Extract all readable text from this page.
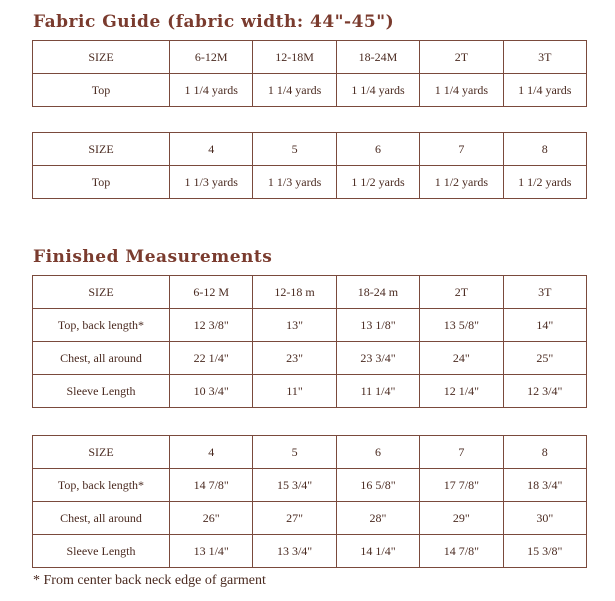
Fabric Guide (fabric width: 44"-45")
SIZE	6-12M	12-18M	18-24M	2T	3T
Top	1 1/4 yards	1 1/4 yards	1 1/4 yards	1 1/4 yards	1 1/4 yards
SIZE	4	5	6	7	8
Top	1 1/3 yards	1 1/3 yards	1 1/2 yards	1 1/2 yards	1 1/2 yards
Finished Measurements
SIZE	6-12 M	12-18 m	18-24 m	2T	3T
Top, back length*	12 3/8"	13"	13 1/8"	13 5/8"	14"
Chest, all around	22 1/4"	23"	23 3/4"	24"	25"
Sleeve Length	10 3/4"	11"	11 1/4"	12 1/4"	12 3/4"
SIZE	4	5	6	7	8
Top, back length*	14 7/8"	15 3/4"	16 5/8"	17 7/8"	18 3/4"
Chest, all around	26"	27"	28"	29"	30"
Sleeve Length	13 1/4"	13 3/4"	14 1/4"	14 7/8"	15 3/8"
* From center back neck edge of garment
